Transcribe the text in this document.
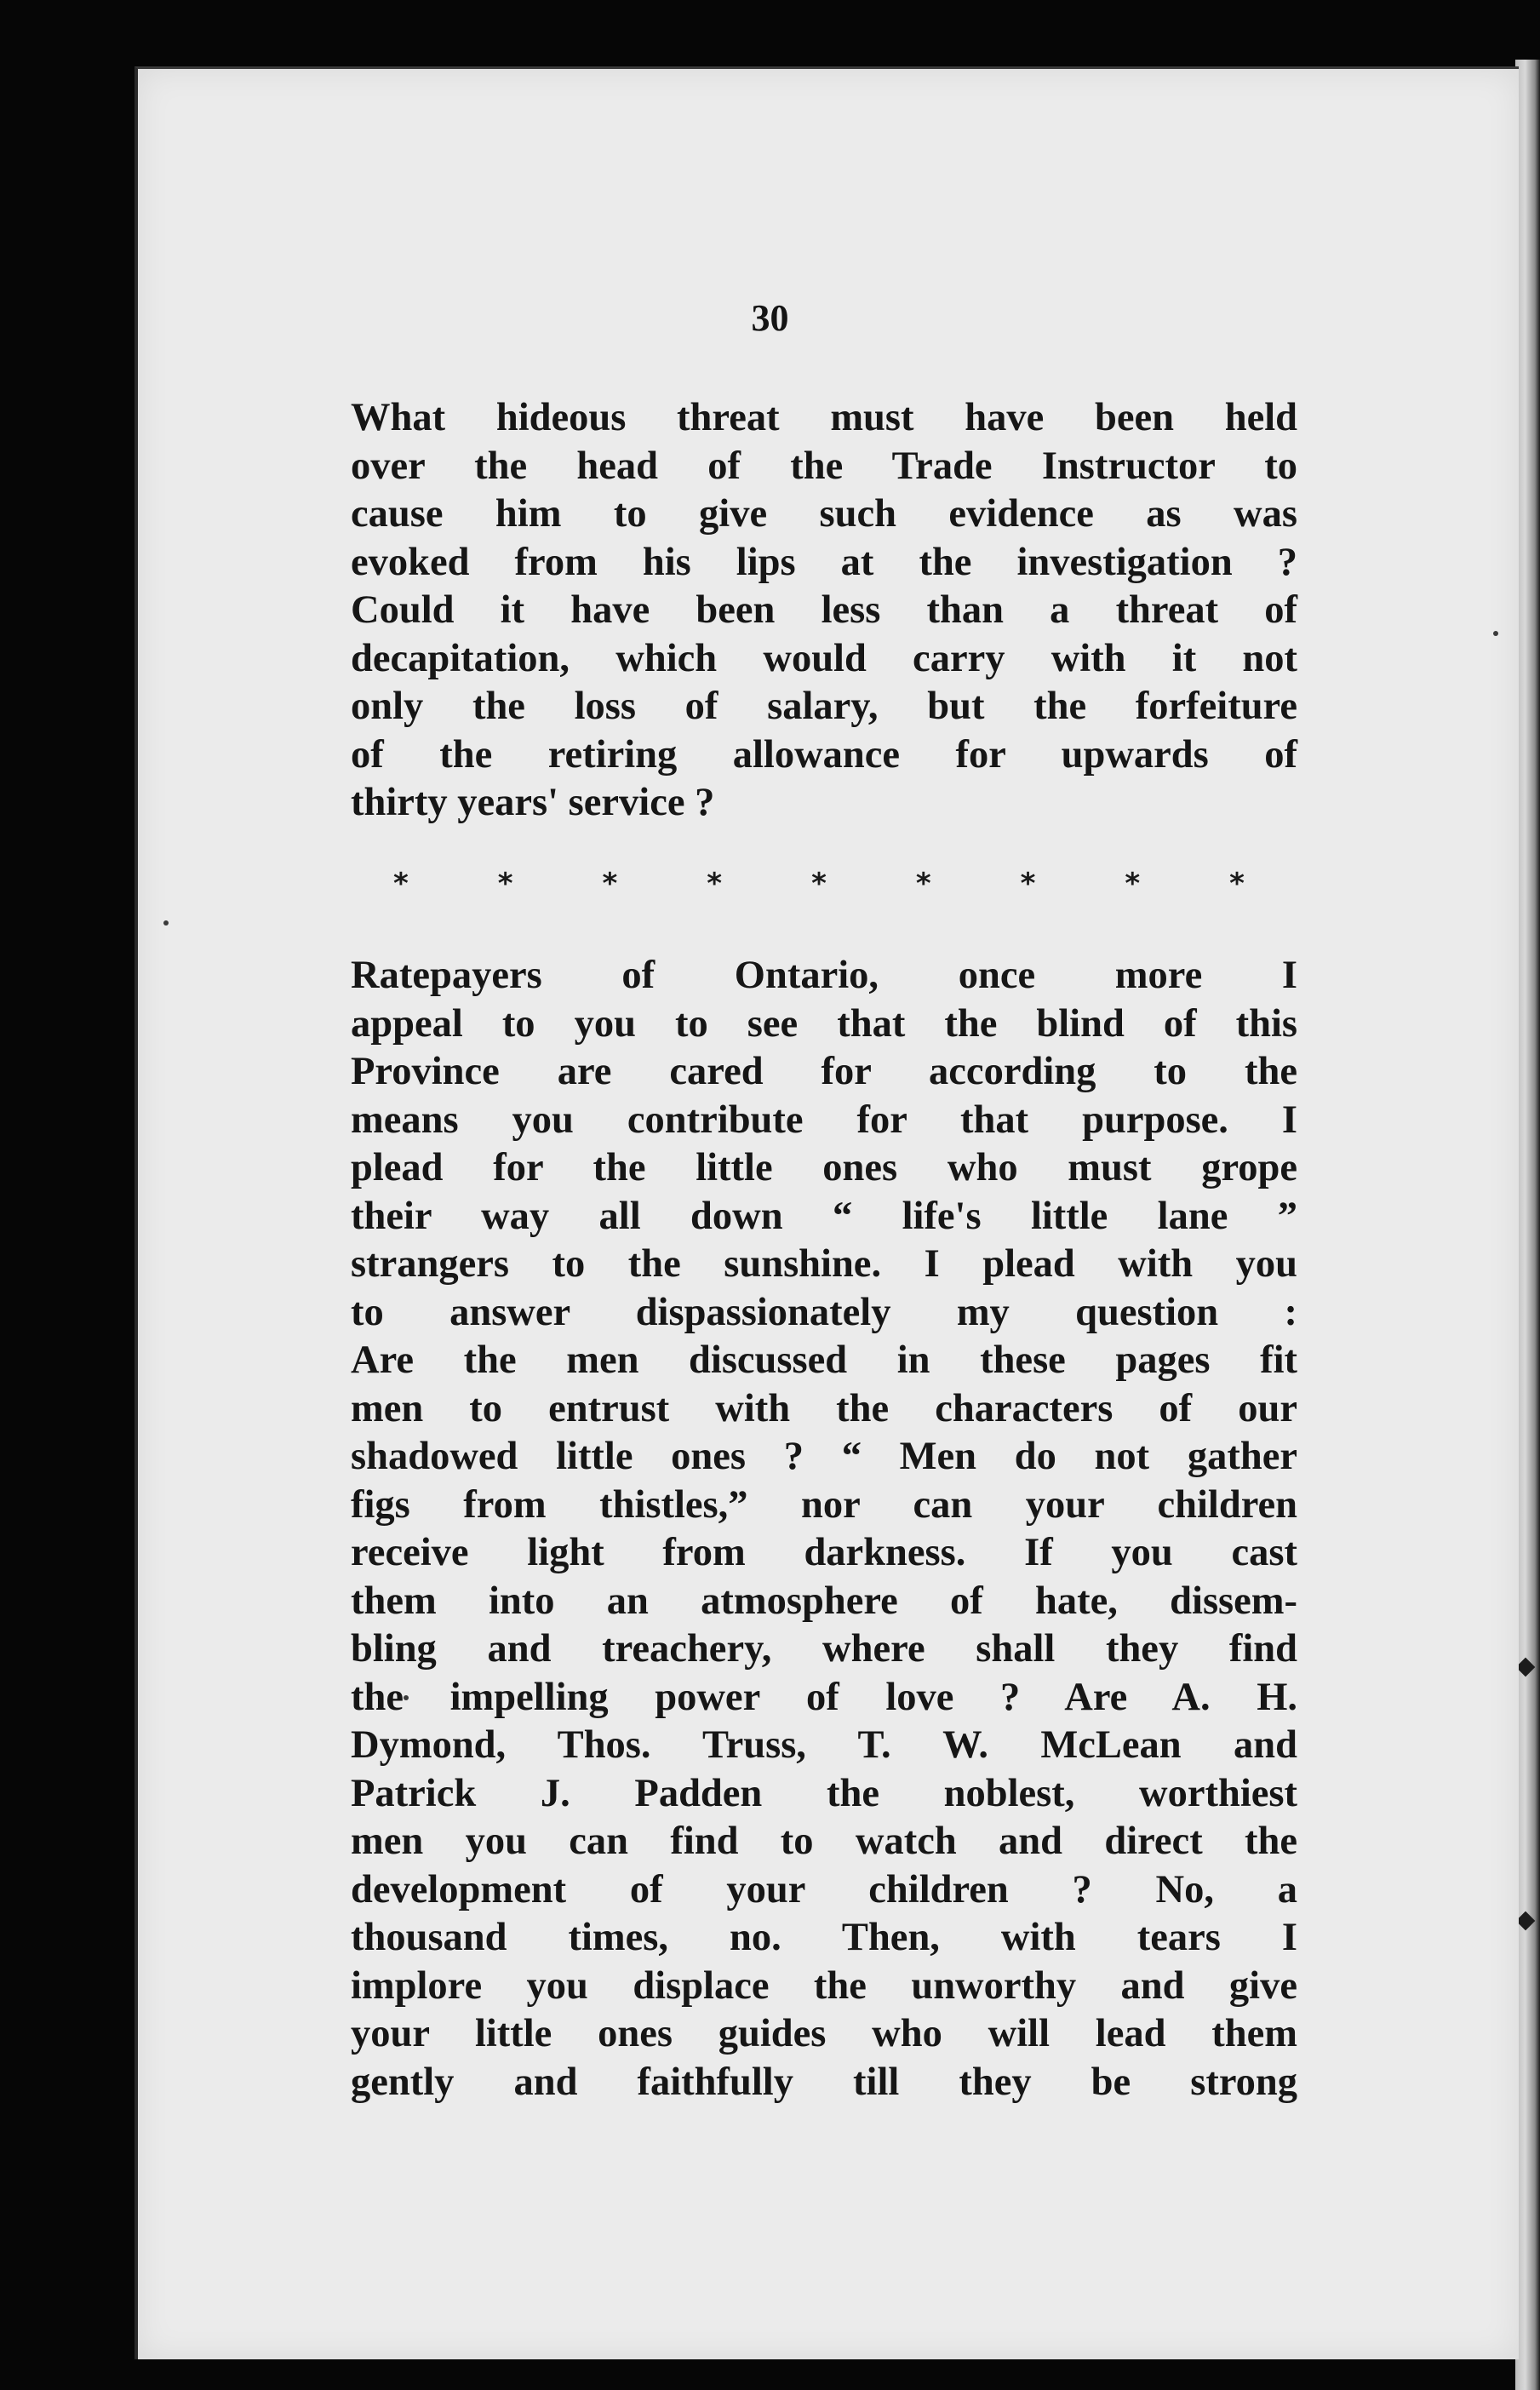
30

What hideous threat must have been held
over the head of the Trade Instructor to
cause him to give such evidence as was
evoked from his lips at the investigation ?
Could it have been less than a threat of
decapitation, which would carry with it not
only the loss of salary, but the forfeiture
of the retiring allowance for upwards of
thirty years' service ?
*	*	*	*	*	*	*	*	*
Ratepayers of Ontario, once more I
appeal to you to see that the blind of this
Province are cared for according to the
means you contribute for that purpose. I
plead for the little ones who must grope
their way all down “ life's little lane ”
strangers to the sunshine. I plead with you
to answer dispassionately my question :
Are the men discussed in these pages fit
men to entrust with the characters of our
shadowed little ones ? “ Men do not gather
figs from thistles,” nor can your children
receive light from darkness. If you cast
them into an atmosphere of hate, dissem-
bling and treachery, where shall they find
the impelling power of love ? Are A. H.
Dymond, Thos. Truss, T. W. McLean and
Patrick J. Padden the noblest, worthiest
men you can find to watch and direct the
development of your children ? No, a
thousand times, no. Then, with tears I
implore you displace the unworthy and give
your little ones guides who will lead them
gently and faithfully till they be strong
